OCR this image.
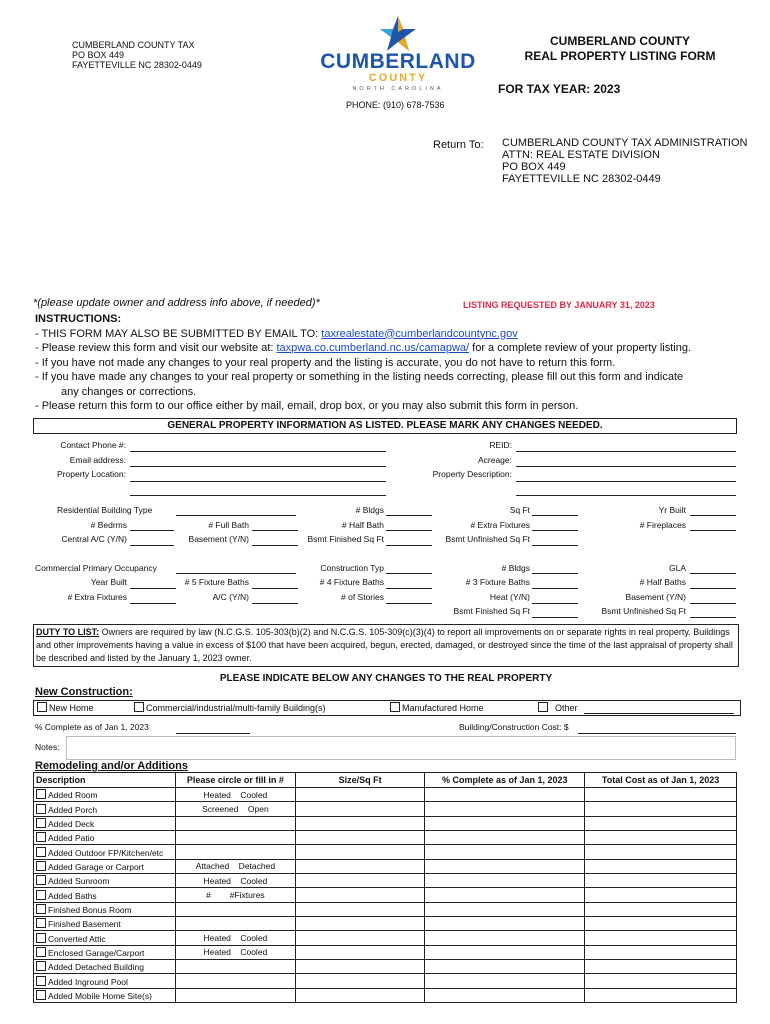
CUMBERLAND COUNTY TAX
PO BOX 449
FAYETTEVILLE NC 28302-0449	CUMBERLAND
COUNTY
NORTH CAROLINA
PHONE: (910) 678-7536
CUMBERLAND COUNTY
REAL PROPERTY LISTING FORM
FOR TAX YEAR: 2023
Return To: CUMBERLAND COUNTY TAX ADMINISTRATION
ATTN: REAL ESTATE DIVISION
PO BOX 449
FAYETTEVILLE NC 28302-0449
*(please update owner and address info above, if needed)*	LISTING REQUESTED BY JANUARY 31, 2023
INSTRUCTIONS:
- THIS FORM MAY ALSO BE SUBMITTED BY EMAIL TO: taxrealestate@cumberlandcountync.gov
- Please review this form and visit our website at: taxpwa.co.cumberland.nc.us/camapwa/ for a complete review of your property listing.
- If you have not made any changes to your real property and the listing is accurate, you do not have to return this form.
- If you have made any changes to your real property or something in the listing needs correcting, please fill out this form and indicate
any changes or corrections.
- Please return this form to our office either by mail, email, drop box, or you may also submit this form in person.
GENERAL PROPERTY INFORMATION AS LISTED. PLEASE MARK ANY CHANGES NEEDED.
Contact Phone #:
Email address:
Property Location:
REID:
Acreage:
Property Description:
Residential Building Type
# Bedrms
Central A/C (Y/N)
# Full Bath
Basement (Y/N)
# Bldgs
# Half Bath
Bsmt Finished Sq Ft
Sq Ft
# Extra Fixtures
Bsmt Unfinished Sq Ft
Yr Built
# Fireplaces
Commercial Primary Occupancy
Year Built
# Extra Fixtures
# 5 Fixture Baths
A/C (Y/N)
Construction Typ
# 4 Fixture Baths
# of Stories
# Bldgs
# 3 Fixture Baths
Heat (Y/N)
Bsmt Finished Sq Ft
GLA
# Half Baths
Basement (Y/N)
Bsmt Unfinished Sq Ft
DUTY TO LIST: Owners are required by law (N.C.G.S. 105-303(b)(2) and N.C.G.S. 105-309(c)(3)(4) to report all improvements on or separate rights in real property. Buildings and other improvements having a value in excess of $100 that have been acquired, begun, erected, damaged, or destroyed since the time of the last appraisal of property shall be described and listed by the January 1, 2023 owner.
PLEASE INDICATE BELOW ANY CHANGES TO THE REAL PROPERTY
New Construction:
New Home	Commercial/industrial/multi-family Building(s)	Manufactured Home	Other
% Complete as of Jan 1, 2023	Building/Construction Cost: $
Notes:
Remodeling and/or Additions
Description	Please circle or fill in #	Size/Sq Ft	% Complete as of Jan 1, 2023	Total Cost as of Jan 1, 2023
Added Room	Heated    Cooled			
Added Porch	Screened    Open			
Added Deck				
Added Patio				
Added Outdoor FP/Kitchen/etc				
Added Garage or Carport	Attached    Detached			
Added Sunroom	Heated    Cooled			
Added Baths	#        #Fixtures			
Finished Bonus Room				
Finished Basement				
Converted Attic	Heated    Cooled			
Enclosed Garage/Carport	Heated    Cooled			
Added Detached Building				
Added Inground Pool				
Added Mobile Home Site(s)				
